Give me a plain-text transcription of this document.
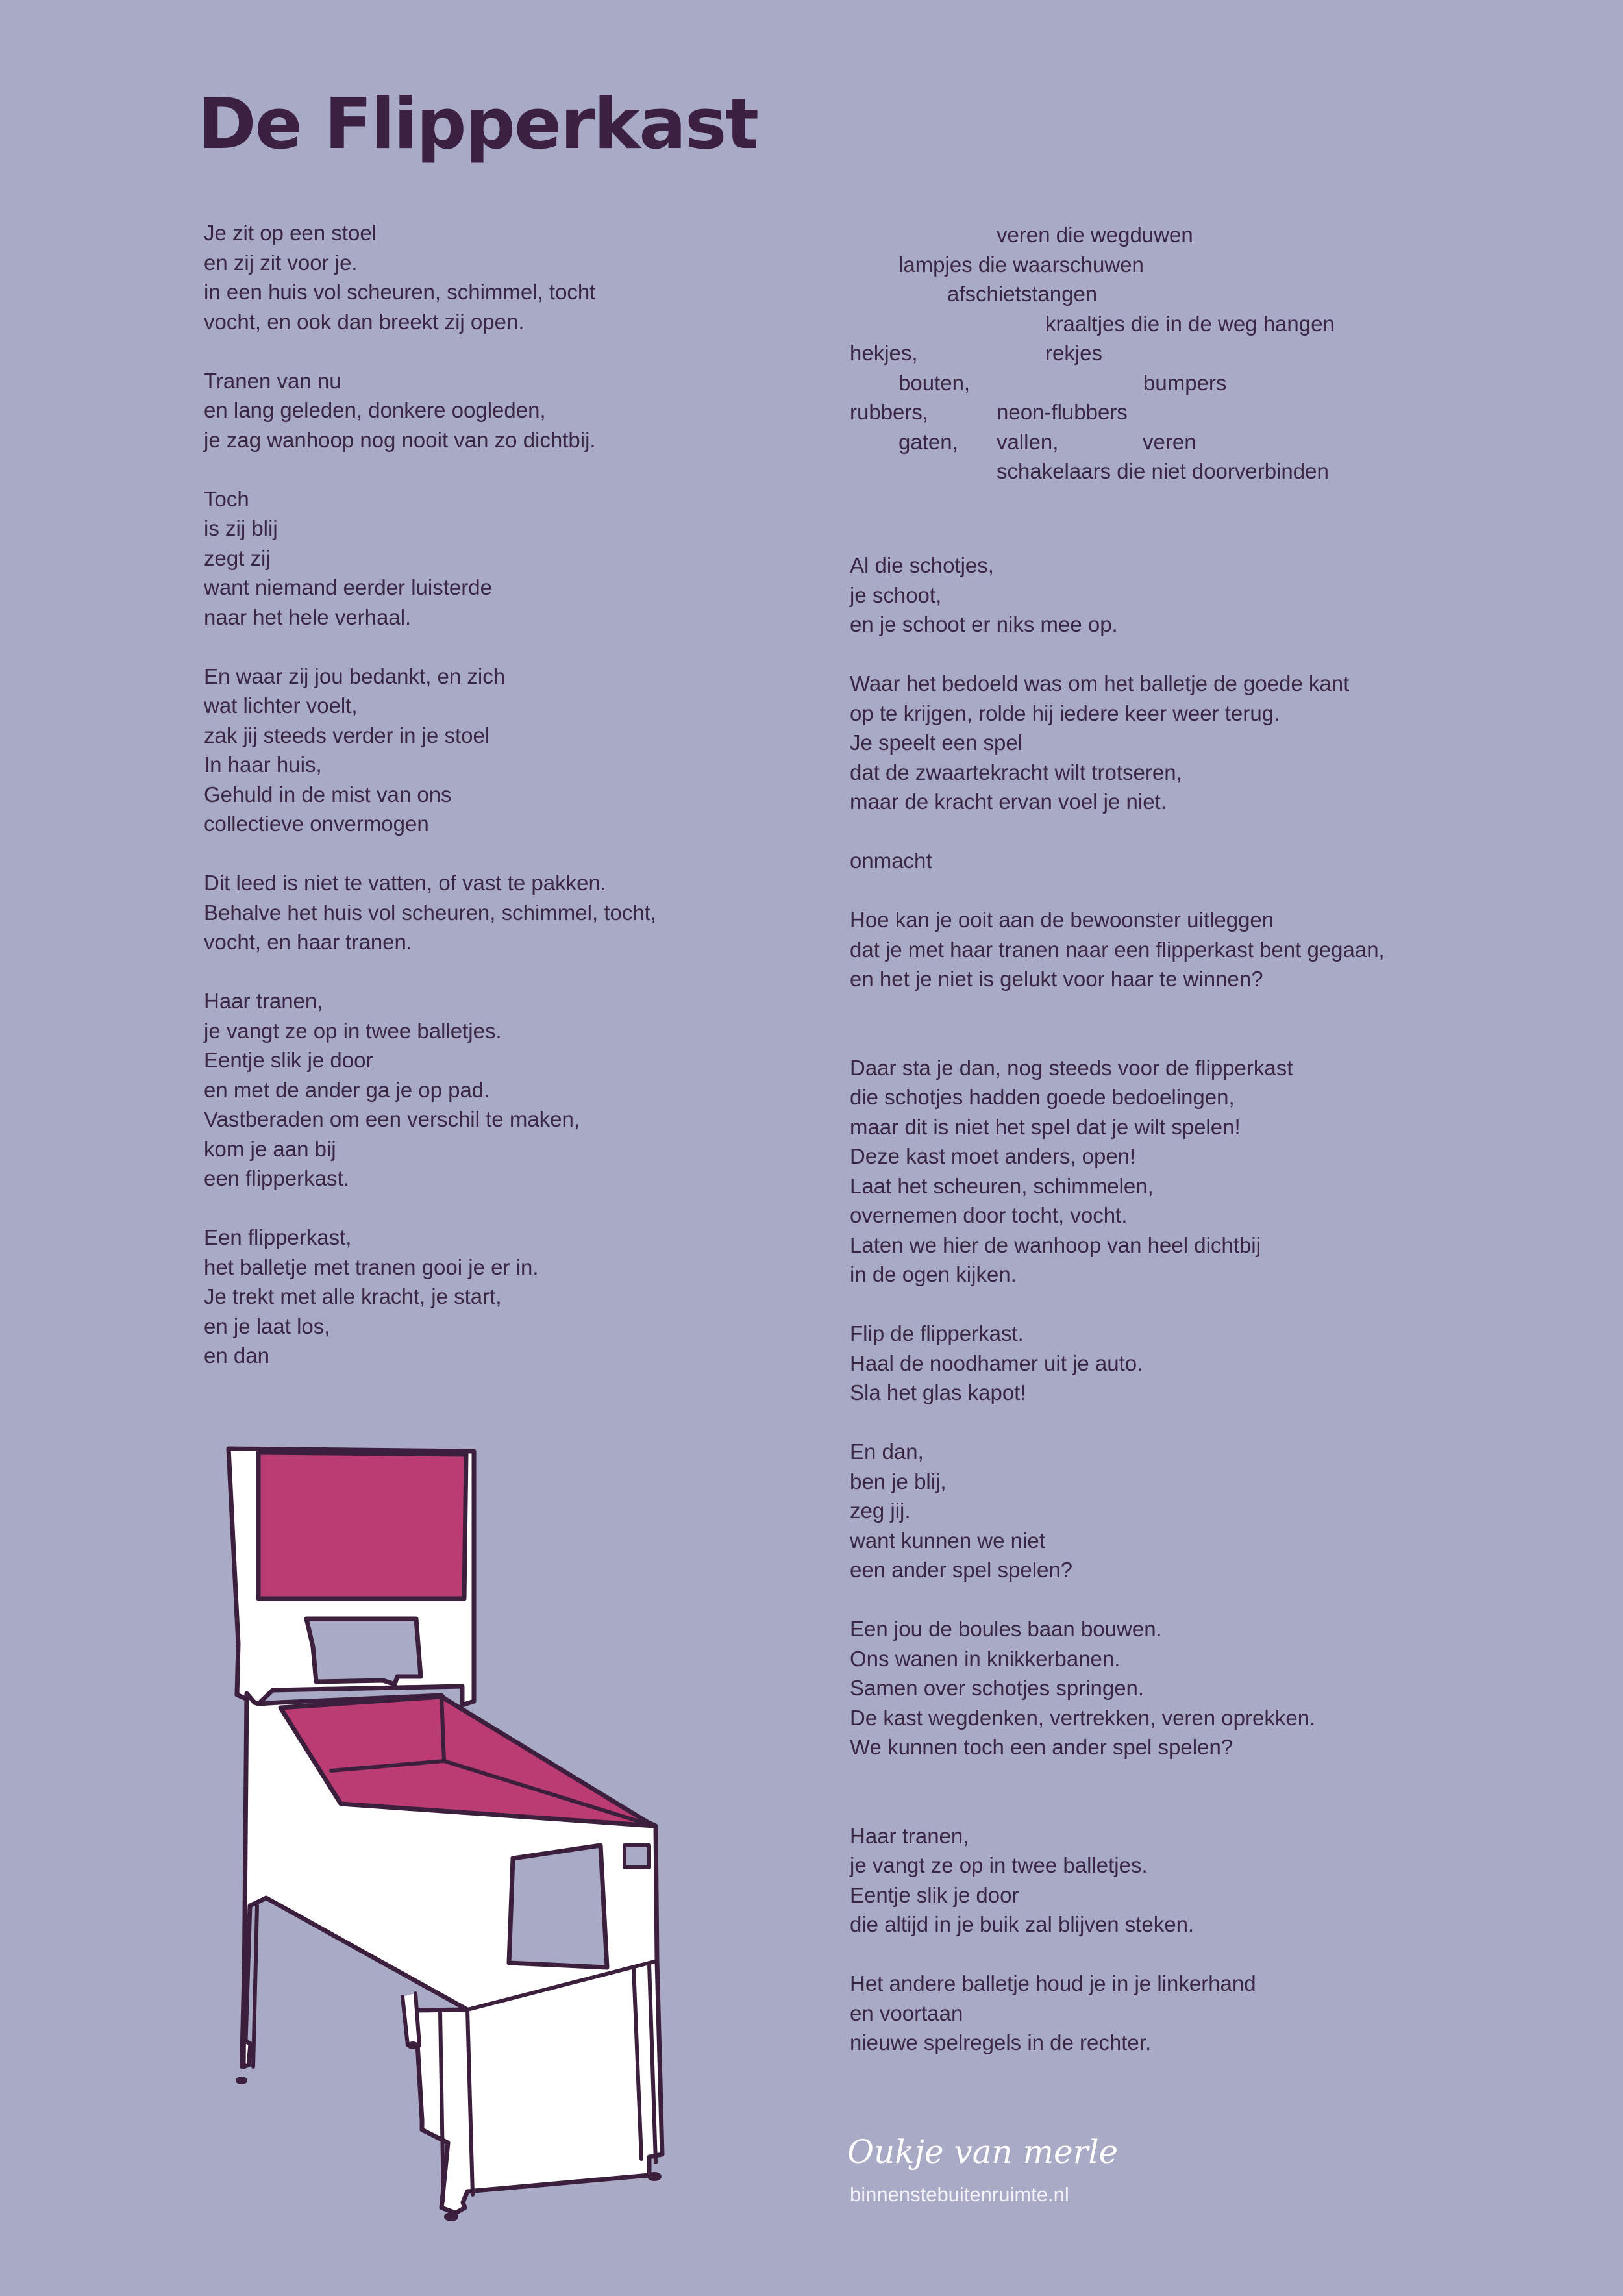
De Flipperkast
Je zit op een stoel
en zij zit voor je.
in een huis vol scheuren, schimmel, tocht
vocht, en ook dan breekt zij open.
Tranen van nu
en lang geleden, donkere oogleden,
je zag wanhoop nog nooit van zo dichtbij.
Toch
is zij blij
zegt zij
want niemand eerder luisterde
naar het hele verhaal.
En waar zij jou bedankt, en zich
wat lichter voelt,
zak jij steeds verder in je stoel
In haar huis,
Gehuld in de mist van ons
collectieve onvermogen
Dit leed is niet te vatten, of vast te pakken.
Behalve het huis vol scheuren, schimmel, tocht,
vocht, en haar tranen.
Haar tranen,
je vangt ze op in twee balletjes.
Eentje slik je door
en met de ander ga je op pad.
Vastberaden om een verschil te maken,
kom je aan bij
een flipperkast.
Een flipperkast,
het balletje met tranen gooi je er in.
Je trekt met alle kracht, je start,
en je laat los,
en dan
veren die wegduwen
lampjes die waarschuwen
afschietstangen
kraaltjes die in de weg hangen
hekjes,	rekjes
bouten,	bumpers
rubbers,	neon-flubbers
gaten, vallen,	veren
schakelaars die niet doorverbinden
Al die schotjes,
je schoot,
en je schoot er niks mee op.
Waar het bedoeld was om het balletje de goede kant
op te krijgen, rolde hij iedere keer weer terug.
Je speelt een spel
dat de zwaartekracht wilt trotseren,
maar de kracht ervan voel je niet.
onmacht
Hoe kan je ooit aan de bewoonster uitleggen
dat je met haar tranen naar een flipperkast bent gegaan,
en het je niet is gelukt voor haar te winnen?
Daar sta je dan, nog steeds voor de flipperkast
die schotjes hadden goede bedoelingen,
maar dit is niet het spel dat je wilt spelen!
Deze kast moet anders, open!
Laat het scheuren, schimmelen,
overnemen door tocht, vocht.
Laten we hier de wanhoop van heel dichtbij
in de ogen kijken.
Flip de flipperkast.
Haal de noodhamer uit je auto.
Sla het glas kapot!
En dan,
ben je blij,
zeg jij.
want kunnen we niet
een ander spel spelen?
Een jou de boules baan bouwen.
Ons wanen in knikkerbanen.
Samen over schotjes springen.
De kast wegdenken, vertrekken, veren oprekken.
We kunnen toch een ander spel spelen?
Haar tranen,
je vangt ze op in twee balletjes.
Eentje slik je door
die altijd in je buik zal blijven steken.
Het andere balletje houd je in je linkerhand
en voortaan
nieuwe spelregels in de rechter.
Oukje van merle
binnenstebuitenruimte.nl
